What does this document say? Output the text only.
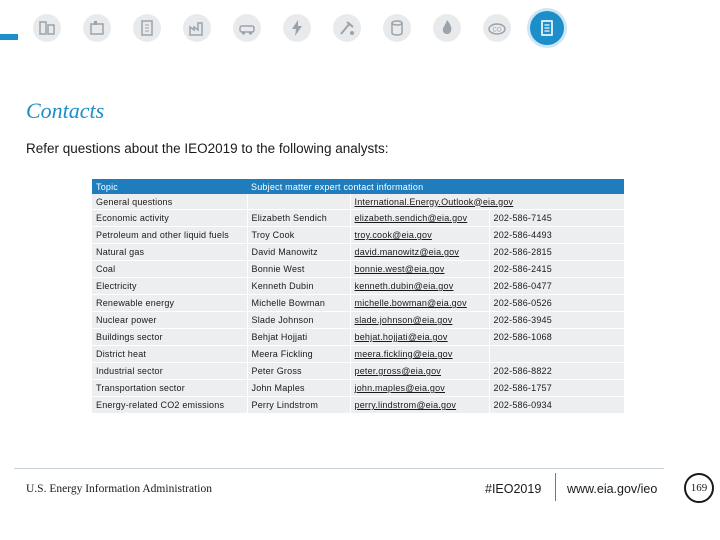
CO
Contacts
Refer questions about the IEO2019 to the following analysts:
Topic	Subject matter expert contact information		
General questions		International.Energy.Outlook@eia.gov	
Economic activity	Elizabeth Sendich	elizabeth.sendich@eia.gov	202-586-7145
Petroleum and other liquid fuels	Troy Cook	troy.cook@eia.gov	202-586-4493
Natural gas	David Manowitz	david.manowitz@eia.gov	202-586-2815
Coal	Bonnie West	bonnie.west@eia.gov	202-586-2415
Electricity	Kenneth Dubin	kenneth.dubin@eia.gov	202-586-0477
Renewable energy	Michelle Bowman	michelle.bowman@eia.gov	202-586-0526
Nuclear power	Slade Johnson	slade.johnson@eia.gov	202-586-3945
Buildings sector	Behjat Hojjati	behjat.hojjati@eia.gov	202-586-1068
District heat	Meera Fickling	meera.fickling@eia.gov	
Industrial sector	Peter Gross	peter.gross@eia.gov	202-586-8822
Transportation sector	John Maples	john.maples@eia.gov	202-586-1757
Energy-related CO2 emissions	Perry Lindstrom	perry.lindstrom@eia.gov	202-586-0934
U.S. Energy Information Administration	#IEO2019 www.eia.gov/ieo	169
